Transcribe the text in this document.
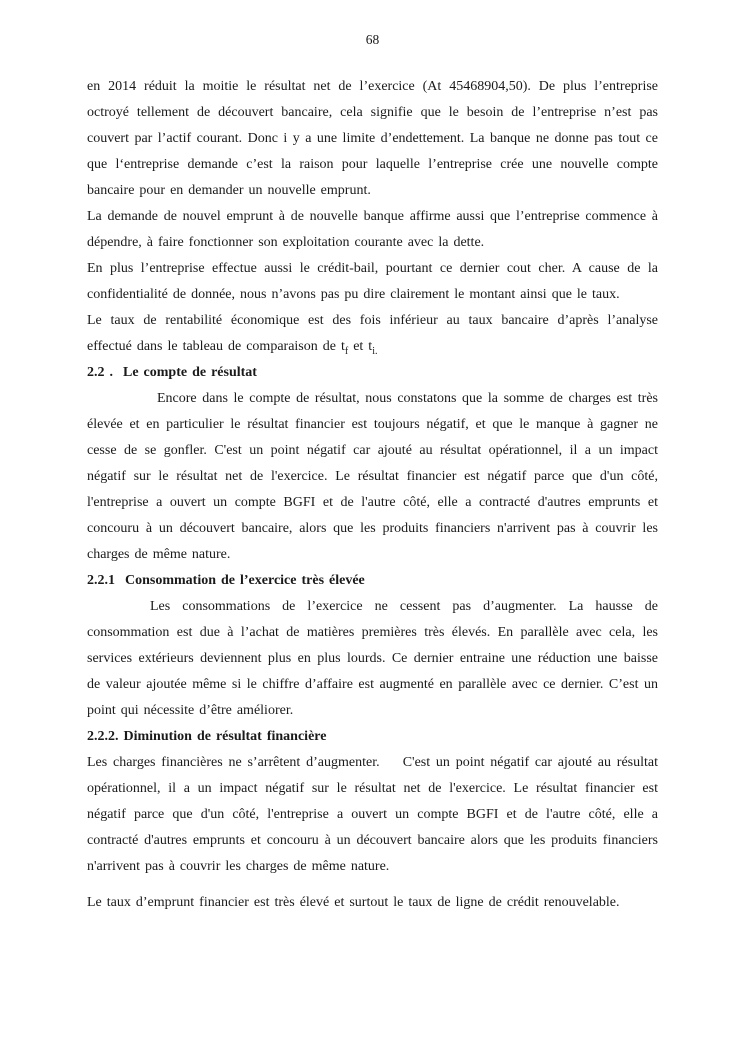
68

en 2014 réduit la moitie le résultat net de l’exercice (At 45468904,50). De plus l’entreprise octroyé tellement de découvert bancaire, cela signifie que le besoin de l’entreprise n’est pas couvert par l’actif courant. Donc i y a une limite d’endettement. La banque ne donne pas tout ce que l‘entreprise demande c’est la raison pour laquelle l’entreprise crée une nouvelle compte bancaire pour en demander un nouvelle emprunt.

La demande de nouvel emprunt à de nouvelle banque affirme aussi que l’entreprise commence à dépendre, à faire fonctionner son exploitation courante avec la dette.

En plus l’entreprise effectue aussi le crédit-bail, pourtant ce dernier cout cher. A cause de la confidentialité de donnée, nous n’avons pas pu dire clairement le montant ainsi que le taux.

Le taux de rentabilité économique est des fois inférieur au taux bancaire d’après l’analyse effectué dans le tableau de comparaison de $t_f$ et $t_{i.}$

2.2 .  Le compte de résultat

Encore dans le compte de résultat, nous constatons que la somme de charges est très élevée et en particulier le résultat financier est toujours négatif, et que le manque à gagner ne cesse de se gonfler. C'est un point négatif car ajouté au résultat opérationnel, il a un impact négatif sur le résultat net de l'exercice. Le résultat financier est négatif parce que d'un côté, l'entreprise a ouvert un compte BGFI et de l'autre côté, elle a contracté d'autres emprunts et concouru à un découvert bancaire, alors que les produits financiers n'arrivent pas à couvrir les charges de même nature.

2.2.1  Consommation de l’exercice très élevée

Les consommations de l’exercice ne cessent pas d’augmenter. La hausse de consommation est due à l’achat de matières premières très élevés. En parallèle avec cela, les services extérieurs deviennent plus en plus lourds. Ce dernier entraine une réduction une baisse de valeur ajoutée même si le chiffre d’affaire est augmenté en parallèle avec ce dernier. C’est un point qui nécessite d’être améliorer.

2.2.2. Diminution de résultat financière

Les charges financières ne s’arrêtent d’augmenter.    C'est un point négatif car ajouté au résultat opérationnel, il a un impact négatif sur le résultat net de l'exercice. Le résultat financier est négatif parce que d'un côté, l'entreprise a ouvert un compte BGFI et de l'autre côté, elle a contracté d'autres emprunts et concouru à un découvert bancaire alors que les produits financiers n'arrivent pas à couvrir les charges de même nature.

Le taux d’emprunt financier est très élevé et surtout le taux de ligne de crédit renouvelable.
